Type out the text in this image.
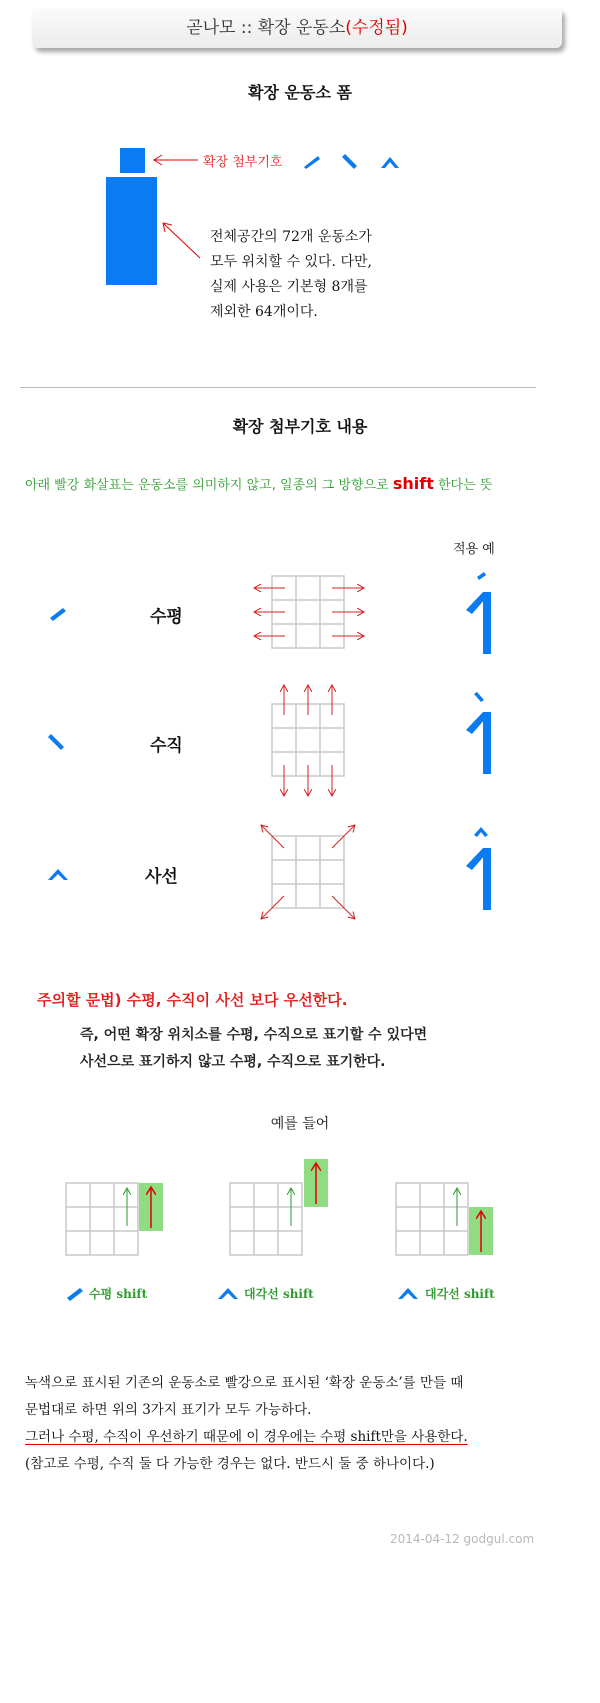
곧나모 :: 확장 운동소(수정됨)
확장 운동소 폼
확장 첨부기호
전체공간의 72개 운동소가
모두 위치할 수 있다. 다만,
실제 사용은 기본형 8개를
제외한 64개이다.
확장 첨부기호 내용
아래 빨강 화살표는 운동소를 의미하지 않고, 일종의 그 방향으로 shift 한다는 뜻
적용 예
수평
수직
사선
주의할 문법) 수평, 수직이 사선 보다 우선한다.
즉, 어떤 확장 위치소를 수평, 수직으로 표기할 수 있다면
사선으로 표기하지 않고 수평, 수직으로 표기한다.
예를 들어
수평 shift	대각선 shift	대각선 shift
녹색으로 표시된 기존의 운동소로 빨강으로 표시된 ‘확장 운동소’를 만들 때
문법대로 하면 위의 3가지 표기가 모두 가능하다.
그러나 수평, 수직이 우선하기 때문에 이 경우에는 수평 shift만을 사용한다.
(참고로 수평, 수직 둘 다 가능한 경우는 없다. 반드시 둘 중 하나이다.)
2014-04-12 godgul.com
